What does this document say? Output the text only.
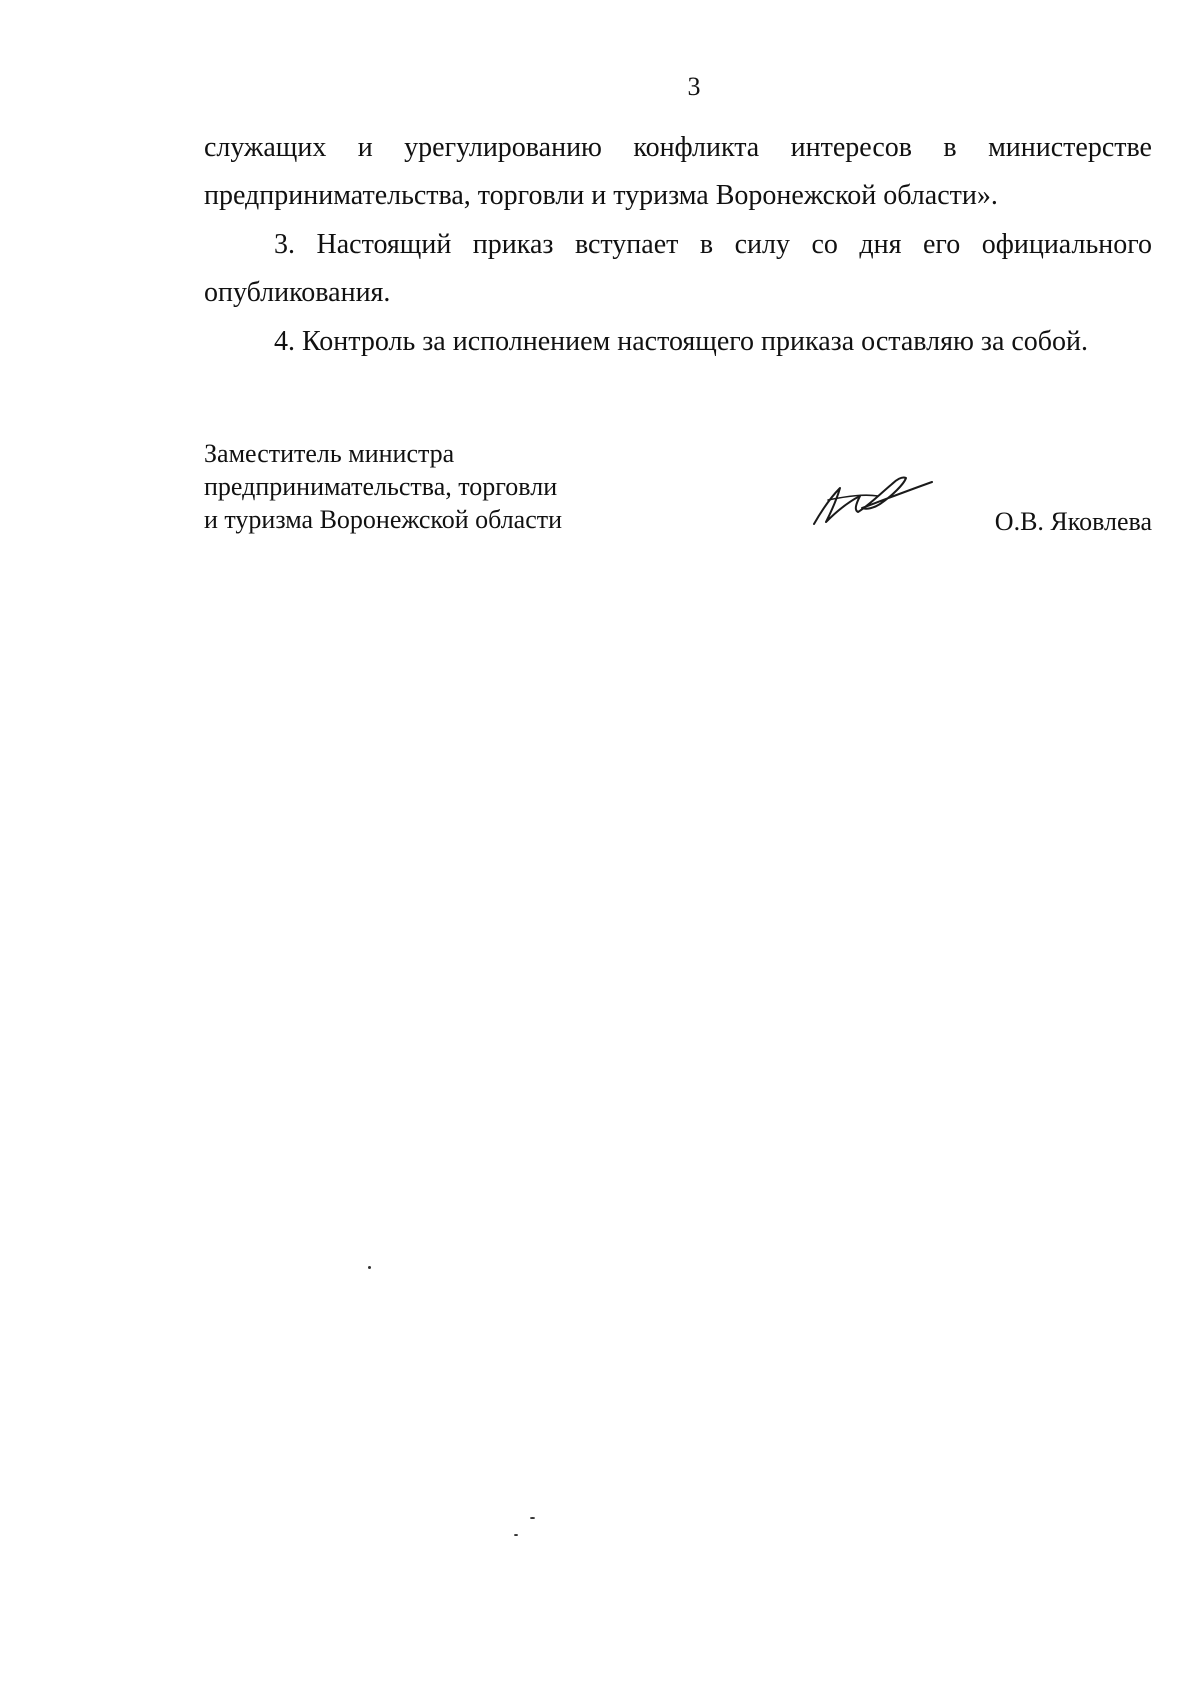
3
служащих и урегулированию конфликта интересов в министерстве
предпринимательства, торговли и туризма Воронежской области».
3. Настоящий приказ вступает в силу со дня его официального
опубликования.
4. Контроль за исполнением настоящего приказа оставляю за собой.
Заместитель министра
предпринимательства, торговли
и туризма Воронежской области	О.В. Яковлева
